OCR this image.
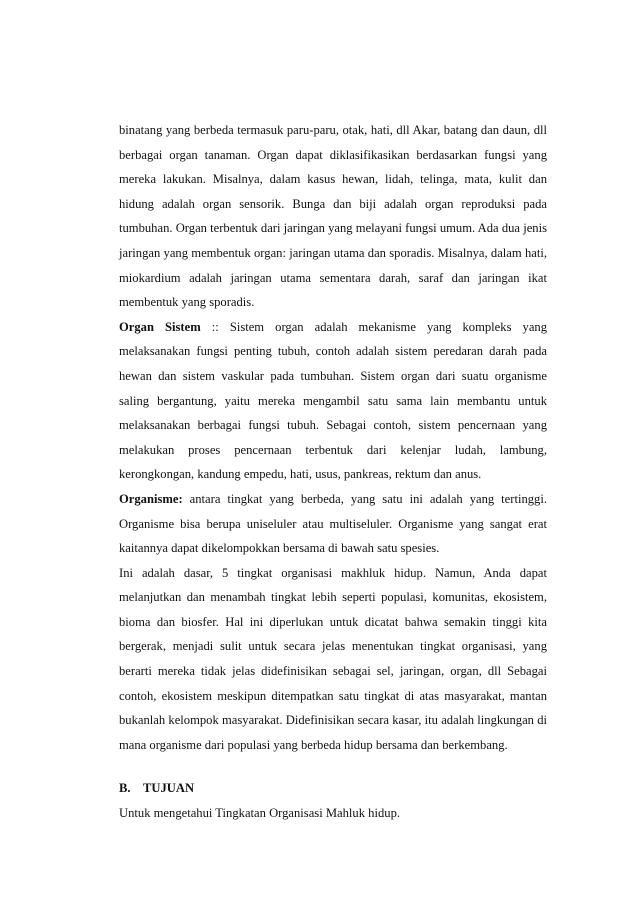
binatang yang berbeda termasuk paru-paru, otak, hati, dll Akar, batang dan daun, dll berbagai organ tanaman. Organ dapat diklasifikasikan berdasarkan fungsi yang mereka lakukan. Misalnya, dalam kasus hewan, lidah, telinga, mata, kulit dan hidung adalah organ sensorik. Bunga dan biji adalah organ reproduksi pada tumbuhan. Organ terbentuk dari jaringan yang melayani fungsi umum. Ada dua jenis jaringan yang membentuk organ: jaringan utama dan sporadis. Misalnya, dalam hati, miokardium adalah jaringan utama sementara darah, saraf dan jaringan ikat membentuk yang sporadis.

Organ Sistem :: Sistem organ adalah mekanisme yang kompleks yang melaksanakan fungsi penting tubuh, contoh adalah sistem peredaran darah pada hewan dan sistem vaskular pada tumbuhan. Sistem organ dari suatu organisme saling bergantung, yaitu mereka mengambil satu sama lain membantu untuk melaksanakan berbagai fungsi tubuh. Sebagai contoh, sistem pencernaan yang melakukan proses pencernaan terbentuk dari kelenjar ludah, lambung, kerongkongan, kandung empedu, hati, usus, pankreas, rektum dan anus.

Organisme: antara tingkat yang berbeda, yang satu ini adalah yang tertinggi. Organisme bisa berupa uniseluler atau multiseluler. Organisme yang sangat erat kaitannya dapat dikelompokkan bersama di bawah satu spesies.

Ini adalah dasar, 5 tingkat organisasi makhluk hidup. Namun, Anda dapat melanjutkan dan menambah tingkat lebih seperti populasi, komunitas, ekosistem, bioma dan biosfer. Hal ini diperlukan untuk dicatat bahwa semakin tinggi kita bergerak, menjadi sulit untuk secara jelas menentukan tingkat organisasi, yang berarti mereka tidak jelas didefinisikan sebagai sel, jaringan, organ, dll Sebagai contoh, ekosistem meskipun ditempatkan satu tingkat di atas masyarakat, mantan bukanlah kelompok masyarakat. Didefinisikan secara kasar, itu adalah lingkungan di mana organisme dari populasi yang berbeda hidup bersama dan berkembang.

B. TUJUAN

Untuk mengetahui Tingkatan Organisasi Mahluk hidup.
